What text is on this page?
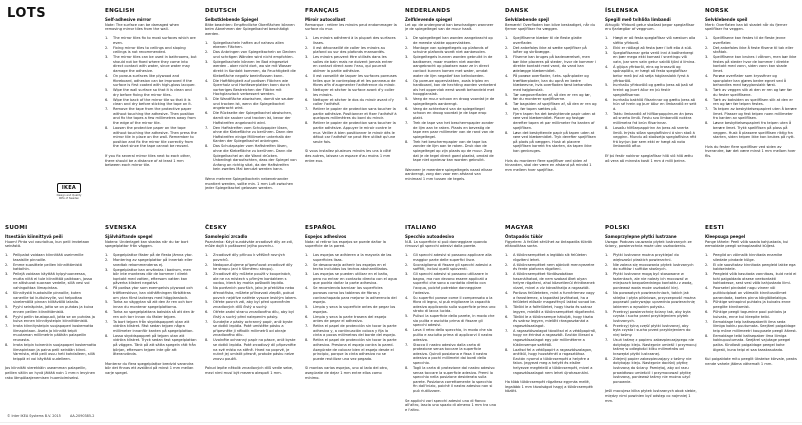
LOTS	ENGLISH
Self-adhesive mirror

Note: The surface can be damaged when removing mirror tiles from the wall.

1. The mirror tiles fix to most surfaces which are even.
2. Fixing mirror tiles to ceilings and sloping ceilings is not recommended.
3. The mirror tiles can be used in bathrooms, but should not be fixed where they come into direct contact with water, since water may damage the adhesive.
4. On porous surfaces like plywood and fibreboard, adhesion can be improved if the surface is first coated with high-gloss lacquer.
5. Wipe the wall surface so that it is clean and dry before fixing the mirror tiles.
6. Wipe the back of the mirror tile so that it is clean and dry before sticking the tape on it.
7. Remove the tape from the protective paper without touching the adhesive. Then position and fix the tapes a few millimetres away from the edge of the mirror tile.
8. Loosen the protective paper on the tape without touching the adhesive. Then press the mirror tile in place on the wall. Remember to position and fix the mirror tile correctly from the start since the tape cannot be reused.

If you fix several mirror tiles next to each other, there should be a distance of at least 1 mm between each mirror tile.

DEUTSCH
Selbstklebende Spiegel

Bitte beachten: Empfindliche Oberflächen können beim Abnehmen der Spiegelkachel beschädigt werden.

1. Spiegelkacheln haften auf nahezu allen ebenen Flächen.
2. Das Anbringen von Spiegelkacheln an Decken und schrägen Wänden wird nicht empfohlen.
3. Spiegelkacheln können im Bad eingesetzt werden - aber nicht dort, wo sie mit Wasser direkt in Kontakt kommen, da Feuchtigkeit die Klebefläche negativ beeinflussen kann.
4. Die Haftfähigkeit auf porösen Flächen wie Sperrholz und Hartfaserplatten kann durch vorheriges Bestreichen der Fläche mit Hochglanzlack verbessert werden.
5. Die Wandfläche abwischen, damit sie sauber und trocken ist, wenn die Spiegelkachel angebracht wird.
6. Die Rückseite der Spiegelkachel abwischen, damit sie sauber und trocken ist, bevor der Haftstreifen angebracht wird.
7. Den Haftstreifen vom Schutzpapier lösen, ohne die Klebefläche zu berühren. Dann den Haftstreifen einige Millimeter unterhalb der Kanten der Spiegelkachel anbringen.
8. Das Schutzpapier vom Haftstreifen lösen, ohne die Klebefläche zu berühren. Dann die Spiegelkachel an die Wand drücken. Unbedingt daraufachten, dass der Spiegel von Anfang an richtig sitzt, da der Haftstreifen kein zweites Mal benutzt werden kann.

Wenn mehrere Spiegelkacheln nebeneinander montiert werden, sollte min. 1 mm Luft zwischen jeder Spiegelkachel gelassen werden.

FRANÇAIS
Miroir autocollant

Remarque : retirer les miroirs peut endommager la surface du mur.

1. Les miroirs adhèrent à la plupart des surfaces lisses.
2. Il est déconseillé de coller les miroirs au plafond ou sur des plafonds mansardés.
3. Les miroirs peuvent être utilisés dans les salles de bain mais ne doivent jamais entrer en contact direct avec l'eau, qui pourrait abîmer la partie adhésive.
4. Il est conseillé de laquer les surfaces poreuses telles que le contreplaqué et les panneaux de fibres afin d'augmenter l'adhérence du miroir.
5. Nettoyer et sécher la surface avant d'y coller les miroirs.
6. Nettoyer et sécher le dos du miroir avant d'y coller l'adhésif.
7. Retirer le papier de protection sans toucher la partie adhésive. Positionner et fixer l'adhésif à quelques millimètres du bord du miroir.
8. Retirer le papier de protection sans toucher la partie adhésive. Appuyer le miroir contre le mur. Veiller à bien positionner le miroir dès le début car l'adhésif ne peut être utilisé qu'une seule fois.

Si vous installez plusieurs miroirs les uns à côté des autres, laissez un espace d'au moins 1 mm entre eux.

NEDERLANDS
Zelfklevende spiegel

Let op: de ondergrond kan beschadigen wanneer je de spiegeltegel van de muur haalt.

1. De spiegeltegel kan worden aangebracht op de meeste vlakke oppervlakken.
2. Montage van spiegeltegels op plafonds of schuine plafonds wordt niet aanbevolen.
3. Spiegeltegels kunnen worden gebruikt in de badkamer, maar moeten niet worden aangebracht op plaatsen waar ze in direct contact kunnen komen met water, omdat water de lijm negatief kan beïnvloeden.
4. Op poreuze oppervlakken, zoals triplex en hardboard, kan de hechting worden verbeterd als het oppervlak eerst wordt behandeld met hoogglanslak.
5. Veeg de muur schoon en droog voordat je de spiegeltegels aanbrengt.
6. Veeg de achterkant van de spiegeltegel schoon en droog voordat je de tape erop plakt.
7. Trek de tape van het beschermpapier zonder de lijm aan te raken. Plaats en bevestig de tape een paar millimeter van de rand van de spiegeltegel.
8. Trek het beschermpapier van de tape los zonder de lijm aan te raken. Druk dan de spiegeltegel op zijn plaats op de muur. Zorg dat je de tegel direct goed plaatst, omdat de tape niet opnieuw kan worden gebruikt.

Wanneer je meerdere spiegeltegels naast elkaar aanbrengt, zorg dan voor een afstand van minimaal 1 mm tussen de tegels.

DANSK
Selvklæbende spejl

Bemærk! Overfladen kan blive beskadiget, når du fjerner spejlfliser fra væggen.

1. Spejlfliserne klæber til de fleste glatte overflader.
2. Det anbefales ikke at sætte spejlfliser på lofter og skråvægge.
3. Fliserne kan bruges på badeværelset, men bør ikke placeres på steder, hvor de kommer i direkte kontakt med vand, da vand kan ødelægge klæbemidlet.
4. På porøse overflader, f.eks. spånplader og træfiberplader, kan du opnå en bedre klæbeevne, hvis overfladen først behandles med højglanslak.
5. Tør vægoverfladen af, så den er ren og tør, før du monterer spejlfliserne.
6. Tør bagsiden af spejlflisen af, så den er ren og tør, før tapen sættes på.
7. Fjern tapen fra det beskyttende papir uden at røre ved klæbemidlet. Placer og fastgør derefter tapen et par millimeter fra kanten af spejlflisen.
8. Løsn det beskyttende papir på tapen uden at røre ved klæbemidlet. Tryk derefter spejlflisen på plads på væggen. Husk at placere spejlflisen korrekt fra starten, da tapen ikke kan genbruges.

Hvis du monterer flere spejlfliser ved siden af hinanden, skal der være en afstand på mindst 1 mm mellem hver spejlflise.

ÍSLENSKA
Spegill með tvíhliða límbandi

Athugið: Yfirborð getur skaðast þegar speglaflísar eru fjarlægðar af veggnum.

1. Hægt er að festa speglaflísar við næstum alla slétta yfirborð.
2. Ekki er ráðlagt að festa þær í loft eða á súð.
3. Speglaflísarnar geta verið inni á baðherbergi en þær mega ekki komast í snertingu við vatn, þar sem vatn getur valdið tjóni á límina.
4. Á gljúpa yfirborði, eins og krossvið og spónaplötu, er hægt að festa speglaflísar betur með því að setja háglanslakk fyrst á yfirborðið.
5. Þurrkaðu yfirborðið og gættu þess að það sé hreint og þurrt áður en þú festir speglaflísarnar.
6. Þurrkaðu bakhlið flísarinnar og gættu þess að hún sé hrein og þurr áður en límbandið er sett á.
7. Taktu límbandið af hlífðarpappírnum án þess að snerta límið. Festu svo límbandið nokkra millimetra frá brún flísarinnar.
8. Losaðu hlífðarpappírinn án þess að snerta límið. Þrýstu síðan speglaflísinni á sinn stað á vegginn. Mundu að staðsetja speglaflísina rétt frá byrjun þar sem ekki er hægt að nota límbandið aftur.

Ef þú festir nokkrar speglaflísar hlið við hlið ættu að vera að minnsta kosti 1 mm á milli þeirra.

NORSK
Selvklebende speil

Merk: Overflaten kan bli skadet når du fjerner speilfliser fra veggen.

1. Speilflisene kan festes til de fleste jevne overflater.
2. Det anbefales ikke å feste flisene til tak eller skråtak.
3. Speilflisene kan brukes i våtrom, men bør ikke festes på steder hvor de kommer i direkte kontakt med vann, siden vann kan skade limet.
4. Porøse overflater som kryssfiner og sponplater kan gjøres bedre egnet ved å behandles med høyglanslakk først.
5. Tørk av veggen slik at den er ren og tørr før du fester speilflisene.
6. Tørk av baksiden av speilflisen slik at den er ren og tørr før teipen festes.
7. Ta teipen av beskyttelsespapiret uten å berøre limet. Plasser og fest teipen noen millimeter fra kanten av speilflisen.
8. Løsne beskyttelsespapiret fra teipen uten å berøre limet. Trykk speilflisen på plass på veggen. Husk å plassere speilflisen riktig fra starten, siden teipen ikke kan brukes på nytt.

Hvis du fester flere speilfliser ved siden av hverandre, bør det være minst 1 mm mellom hver flis.

IKEA
Design and Quality IKEA of Sweden
SUOMI
Itsestään kiinnittyvä peili

Huom! Pinta voi vaurioitua, kun peili irrotetaan seinästä.

1. Peilipalat voidaan kiinnittää useimmille tasaisille pinnoille.
2. Emme suosittele peilien kiinnittämistä kattoihin.
3. Peilejä voidaan käyttää kylpyhuoneessa, mutta niitä ei tule kiinnittää paikkaan, jossa ne altistuvat suoraan vedelle, sillä vesi voi vahingoittaa liimapintaa.
4. Kiinnitystä huokoisille pinnoille, kuten vanerille tai kuitulevylle, voi helpottaa sivelemällä pinnan kiiltävällä lakalla.
5. Pyyhi seinäpinta, jotta se on puhdas ja kuiva ennen peilien kiinnittämistä.
6. Pyyhi peilin taustapuoli, jotta se on puhdas ja kuiva ennen kiinnitysteipin kiinnittämistä.
7. Irrota kiinnitysteipin suojapaperi koskematta liimapintaan. Aseta ja kiinnitä teipit muutaman millimetrin päähän palapeilin reunasta.
8. Irrota teipin toinenkin suojapaperi koskematta liimapintaan ja paina peili seinään kiinni. Varmista, että peili osuu heti kohdalleen, sillä teippiä ei voi käyttää uudelleen.

Jos kiinnität vierekkäin useamman palapeilin, peilien väliin on hyvä jättää noin 1 mm:n levyinen rako lämpölaajenemisen huomioimiseksi.

SVENSKA
Självhäftande spegel

Notera: Underlaget kan skadas när du tar bort spegelplattor från väggen.

1. Spegelplattor fäster på de flesta jämna ytor.
2. Montering av spegelplattor på innertak eller snedtak rekommenderas ej.
3. Spegelplattor kan användas i badrum, men bör inte monteras där de kommer i direkt kontakt med vatten, eftersom vatten kan påverka klistret negativt.
4. På porösa ytor som exempelvis plywood och träfiberskivor, kan vidhäftningen förbättras om ytan först lackeras med högglanslack.
5. Torka av väggytan så att den är ren och torr innan du monterar spegelplattorna.
6. Torka av spegelplattans baksida så att den är ren och torr innan du fäster tejpen.
7. Ta bort tejpen från skyddspappret utan att vidröra klistret. Fäst sedan tejpen några millimeter innanför kanten på spegelplattan.
8. Lossa skyddspappret på tejpen utan att vidröra klistret. Tryck sedan fast spegelplattan på väggen. Tänk på att sätta spegeln rätt från början, eftersom tejpen inte går att återanvända.

Monterar du flera spegelplattor bredvid varandra bör det finnas ett avstånd på minst 1 mm mellan varje spegel.

ČESKY
Samolepicí zrcadlo

Poznámka: Když sundáváte zrcadlové díly ze zdi, může dojít k poškození jejího povrchu.

1. Zrcadlové díly přilnou k většině rovných povrchů.
2. Nedoporučujeme připevňovat zrcadlové díly ke stropu (ani k šikmému stropu).
3. Zrcadlové díly můžete použít v koupelnách, ale ne na místech s přímým kontaktem s vodou, která by mohla poškodit lepidlo.
4. Na porézních površích, jako je překližka nebo dřevotříska, můžete přilnavost zlepšit, pokud povrch nejdříve natřete vysoce lesklým lakem.
5. Otřete povrch zdi, aby byl před upevněním zrcadlových dílů čistý a suchý.
6. Otřete zadní stranu zrcadlového dílu, aby byl čistý a suchý před nalepením pásky.
7. Sundejte z pásky ochranný papír, aniž byste se dotkli lepidla. Poté umístěte pásku a připevněte ji několik milimetrů od okraje zrcadlového dílu.
8. Uvolněte ochranný papír na pásce, aniž byste se dotkli lepidla. Poté zrcadlový díl připevněte na své místo na stěně. Hned na poprvé, je nutné jej umístit přesně, protože pásku nelze znovu použít.

Pokud lepíte několik zrcadlových dílů vedle sebe, mezi nimi musí být mezera alespoň 1 mm.

ESPAÑOL
Espejos adhesivos

Nota: al retirar los espejos se puede dañar la superficie de la pared.

1. Los espejos se adhieren a la mayoría de las superficies lisas.
2. Se desaconseja adherir los espejos en el techo incluidos los techos abuhardillados.
3. Los espejos se pueden utilizar en el baño, pero no entrar en contacto directo con el agua que podría dañar la parte adhesiva.
4. Se recomienda barnizar las superficies porosas como los tableros de fibras y contrachapado para mejorar la adherencia del espejo.
5. Limpia y seca la superficie antes de pegar los espejos.
6. Limpia y seca la parte trasera del espejo antes de pegar el adhesivo.
7. Retira el papel de protección sin tocar la parte adhesiva y, a continuación coloca y fija la cinta a pocos milímetros del borde del espejo.
8. Retira el papel de protección sin tocar la parte adhesiva. Presiona el espejo contra la pared. Asegúrate de colocar bien el espejo desde el principio, porque la cinta adhesiva no se puede reutilizar una vez pegada.

Si montas varios espejos, uno al lado del otro, asegúrate de dejar 1 mm entre ellos como mínimo.

ITALIANO
Specchio autoadesivo

N.B. La superficie si può danneggiare quando rimuovi gli specchi adesivi dalla parete.

1. Gli specchi adesivi si possono applicare alla maggior parte delle superfici lisce.
2. Sconsigliamo di fissare gli specchi adesivi a soffitti, inclusi quelli spioventi.
3. Gli specchi adesivi si possono utilizzare in bagno, ma non devono essere applicati a superfici che sono a contatto diretto con l'acqua, poiché potrebbe danneggiare l'adesivo.
4. Su superfici porose come il compensato o la fibra di legno, si può migliorare la capacità adesiva applicando sulla superficie prima uno strato di lacca lucida.
5. Pulisci la superficie della parete, in modo che sia pulita e asciutta prima di fissare gli specchi adesivi.
6. Lava il retro dello specchio, in modo che sia pulito e asciutto prima di applicarvi il nastro adesivo.
7. Stacca il nastro adesivo dalla carta di protezione senza toccare la superficie adesiva. Quindi posiziona e fissa il nastro adesivo a pochi millimetri dai bordi dello specchio.
8. Togli la carta di protezione dal nastro adesivo senza toccare la superficie adesiva. Premi lo specchio nella posizione desiderata sulla parete. Posiziona correttamente lo specchio fin dall'inizio, poiché il nastro adesivo non si può riutilizzare.

Se applichi vari specchi adesivi uno di fianco all'altro, lascia uno spazio di almeno 1 mm tra uno e l'altro.

MAGYAR
Öntapadós tükör

Figyelem: A felület sérülhet az öntapadós tükrök eltávolítása során.

1. A tükörcsempéket a legtöbb sík felületen rögzíteni lehet.
2. A tükörcsempéket nem ajánlott mennyezetre és ferde plafonra rögzíteni.
3. A tükörcsempéket fürdőszobában használhatod, de nem szabad őket olyan helyre rögzíteni, ahol közvetlenül érintkeznek vízzel, mivel a víz károsíthatja a ragasztót.
4. Porózus felületeken, mint a furnérlemez vagy a farostlemez, a tapadást javíthatod, ha a felületet először magasfényű lakkal vonod be.
5. Töröld le a falfelületet, hogy tiszta és száraz legyen, mielőtt a tükörcsempéket rögzítenéd.
6. Töröld le a tükörcsempe hátulját, hogy tiszta és száraz legyen, mielőtt ráragasztanád a ragasztószalagot.
7. A ragasztószalagot távolítsd el a védőpapírról, hogy ne érintsd a ragasztót. Ezután illeszd a ragasztószalagot egy pár milliméterre a tükörcsempe szélétől.
8. Lazítsd fel a védőpapírt a ragasztószalagon, anélkül, hogy hozzáérnél a ragasztóhoz. Ezután nyomd a tükörcsempét a helyére a falon. Jegyezd meg a helyét és elsőre helyezze megfelelő a tükörcsempét, mivel a ragasztószalagot nem lehet újrahasználni.

Ha több tükörcsempét rögzítesz egymás mellé, legalább 1 mm távolságot hagyj a tükörcsempék között.

POLSKI
Samoprzylepne płytki lustrzane

Uwaga: Podczas usuwania płytek lustrzanych ze ściany, powierzchnia może ulec uszkodzeniu.

1. Płytki lustrzane można przyklejać do większości płaskich powierzchni.
2. Nie zaleca się mocowania płytek lustrzanych do sufitów i sufitów skośnych.
3. Płytki lustrzane mogą być stosowane w łazienkach, ale nie należy ich mocować w miejscach bezpośredniego kontaktu z wodą, ponieważ woda może uszkodzić klej.
4. Na porowatych powierzchniach, takich jak sklejka i płyta pilśniowa, przyczepność można poprawić pokrywając uprzednio powierzchnię lakierem o wysokim połysku.
5. Przetrzyj powierzchnię ściany tak, aby była czysta i sucha przed przyklejeniem płytek lustrzanych.
6. Przetrzyj tylną część płytki lustrzanej, aby była czysta i sucha przed przyklejeniem do niej taśmy.
7. Usuń taśmę z papieru zabezpieczającego nie dotykając kleju. Następnie umieść i przymocuj taśmę w odległości kilku milimetrów od krawędzi płytki lustrzanej.
8. Zdejmij papier zabezpieczający z taśmy nie dotykając kleju. Następnie dociśnij płytkę lustrzaną do ściany. Pamiętaj, aby od razu prawidłowo umieścić i przymocować płytkę lustrzaną, ponieważ taśmy nie można użyć ponownie.

Jeśli mocujesz kilka płytek lustrzanych obok siebie, między nimi powinien być odstęp co najmniej 1 mm.

EESTI
Kleepsuga peegel

Pange tähele: Peeli võib saada kahjustada, kui eemaldate peegli seinaplaadist küljest.

1. Peeglid on võimalik kinnitada enamike siledate pindade külge.
2. Ei ole soovitatav kinnitada peegleid lakke ega kaldseintele.
3. Peegleid võib kasutada vannitoas, kuid neid ei tohi paigaldada otsese veekontakti kohtadesse, sest vesi võib kahjustada liimi.
4. Poorsetel pindadel nagu vineer või puitkiudplaat on võimalik kinnitusvõimet parandada, kaetes pinna kõrgläikelakiga.
5. Pühkige seinapind puhtaks ja kuivaks enne peeglite kinnitamist.
6. Pühkige peegli tagumine pool puhtaks ja kuivaks, enne kui kleepite teibi.
7. Eemaldage teip kaitsepaberilt ilma seda liimiga kokku puutumata. Seejärel paigaldage teip mõne millimeetri kaugusele peegli äärest.
8. Eemaldage teibi kaitsepaber ilma liimiga kokkupuutumata. Seejärel vajutage peegel paika. Kindlasti paigaldage peegel kohe õigesti, kuna teipi ei saa taaskasutada.

Kui paigaldate mitu peeglit üksteise kõrvale, peaks nende vahele jääma vähemalt 1 mm.

© Inter IKEA Systems B.V. 2015	AA-2090385-2
